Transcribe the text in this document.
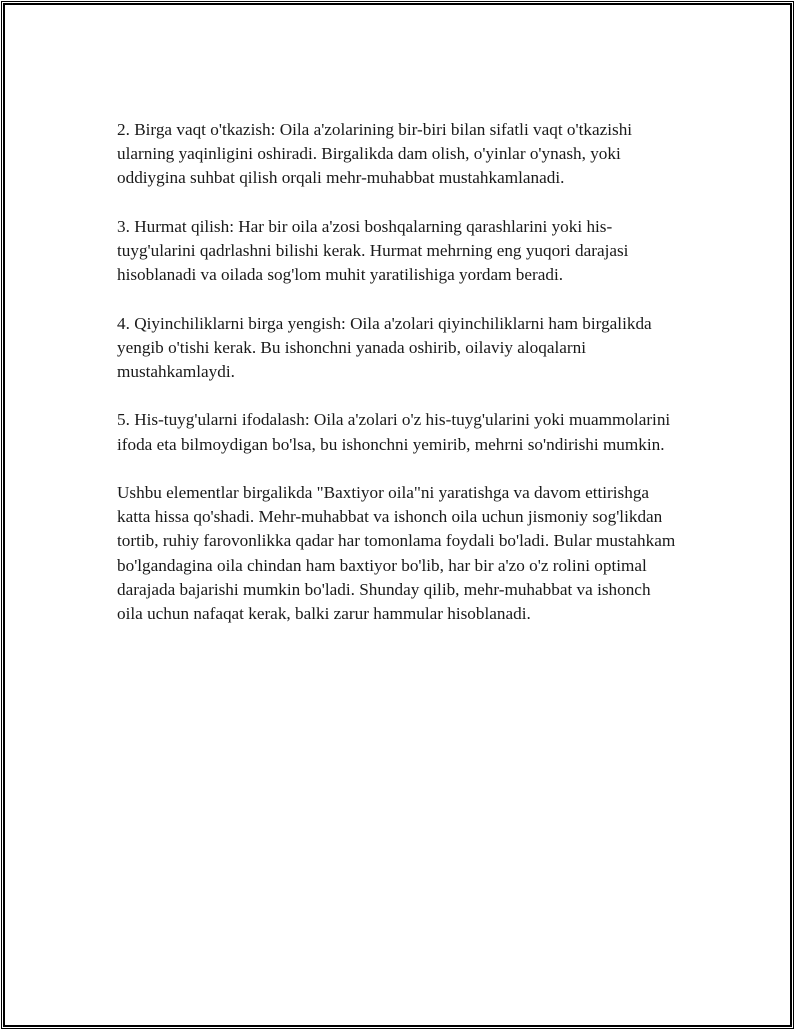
2. Birga vaqt o'tkazish: Oila a'zolarining bir-biri bilan sifatli vaqt o'tkazishi ularning yaqinligini oshiradi. Birgalikda dam olish, o'yinlar o'ynash, yoki oddiygina suhbat qilish orqali mehr-muhabbat mustahkamlanadi.

3. Hurmat qilish: Har bir oila a'zosi boshqalarning qarashlarini yoki his-tuyg'ularini qadrlashni bilishi kerak. Hurmat mehrning eng yuqori darajasi hisoblanadi va oilada sog'lom muhit yaratilishiga yordam beradi.

4. Qiyinchiliklarni birga yengish: Oila a'zolari qiyinchiliklarni ham birgalikda yengib o'tishi kerak. Bu ishonchni yanada oshirib, oilaviy aloqalarni mustahkamlaydi.

5. His-tuyg'ularni ifodalash: Oila a'zolari o'z his-tuyg'ularini yoki muammolarini ifoda eta bilmoydigan bo'lsa, bu ishonchni yemirib, mehrni so'ndirishi mumkin.

Ushbu elementlar birgalikda "Baxtiyor oila"ni yaratishga va davom ettirishga katta hissa qo'shadi. Mehr-muhabbat va ishonch oila uchun jismoniy sog'likdan tortib, ruhiy farovonlikka qadar har tomonlama foydali bo'ladi. Bular mustahkam bo'lgandagina oila chindan ham baxtiyor bo'lib, har bir a'zo o'z rolini optimal darajada bajarishi mumkin bo'ladi. Shunday qilib, mehr-muhabbat va ishonch oila uchun nafaqat kerak, balki zarur hammular hisoblanadi.
